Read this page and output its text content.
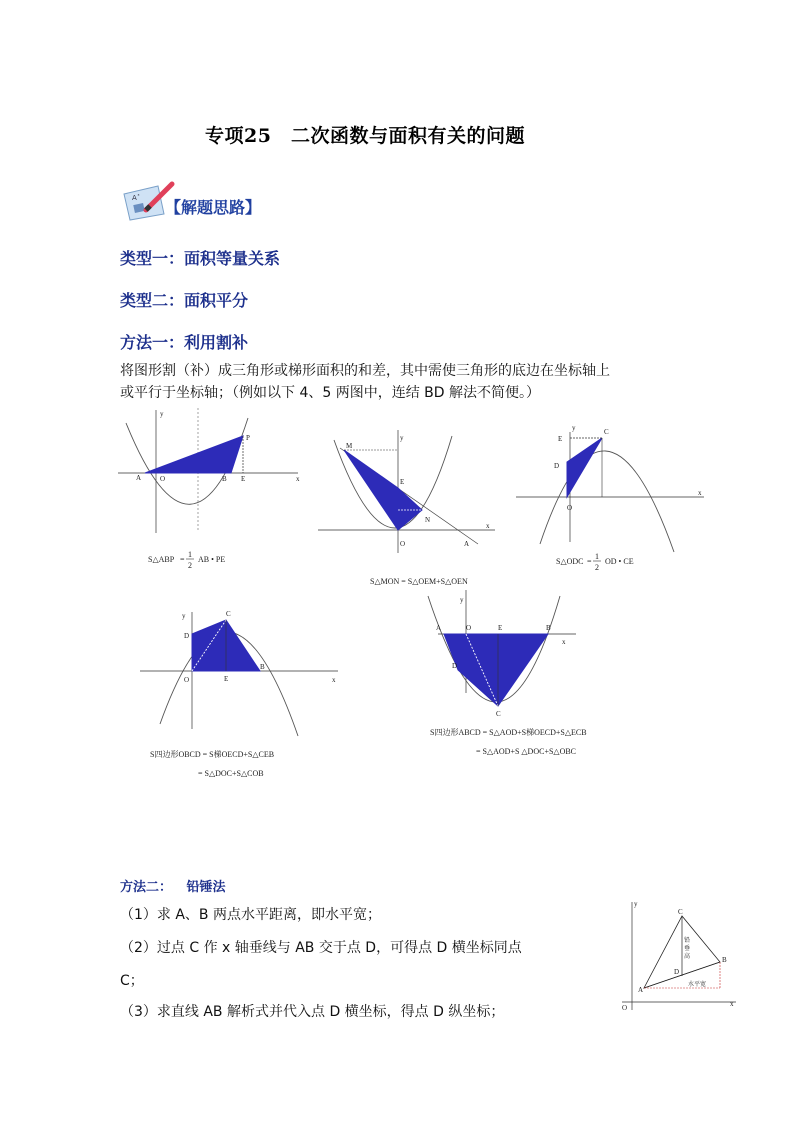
专项25　二次函数与面积有关的问题
A˟ 【解题思路】
类型一：面积等量关系
类型二：面积平分
方法一：利用割补
将图形割（补）成三角形或梯形面积的和差，其中需使三角形的底边在坐标轴上
或平行于坐标轴；（例如以下 4、5 两图中，连结 BD 解法不简便。）
y
x
A	O	B E
P
S△ABP =
1
2
AB • PE
y
x
M
E
N
O	A
S△MON = S△OEM+S△OEN
y
x
E
C
D
O
S△ODC =
1
2
OD • CE
y
x
C
D
O	E
B
S四边形OBCD = S梯OECD+S△CEB
= S△DOC+S△COB
y
x
A	O	E	B
D
C
S四边形ABCD = S△AOD+S梯OECD+S△ECB
= S△AOD+S △DOC+S△OBC
方法二： 铅锤法
（1）求 A、B 两点水平距离，即水平宽；
（2）过点 C 作 x 轴垂线与 AB 交于点 D，可得点 D 横坐标同点
C；
（3）求直线 AB 解析式并代入点 D 横坐标，得点 D 纵坐标；
y
x
O
A
B
C
D
铅垂高
水平宽
